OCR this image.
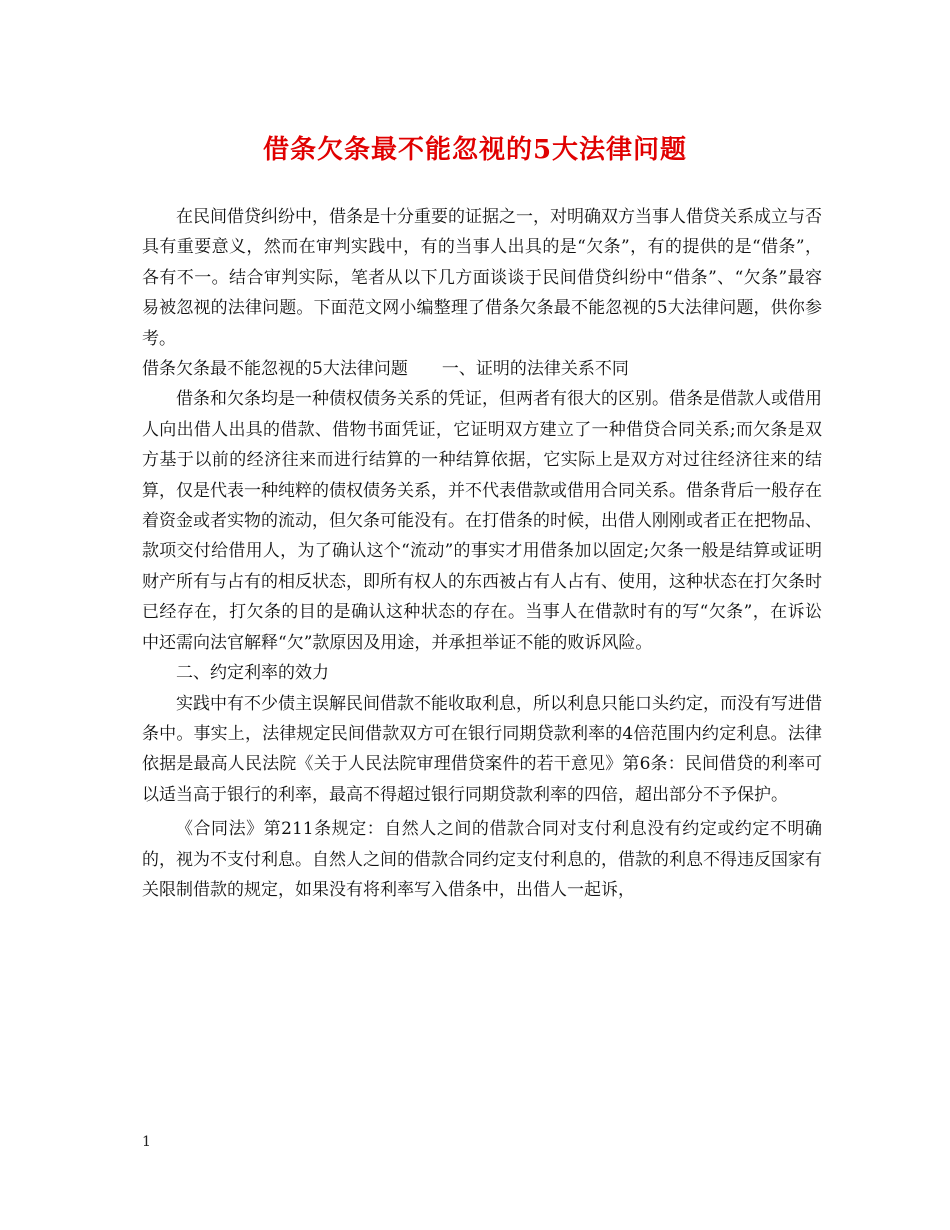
借条欠条最不能忽视的5大法律问题

在民间借贷纠纷中，借条是十分重要的证据之一，对明确双方当事人借贷关系成立与否具有重要意义，然而在审判实践中，有的当事人出具的是“欠条”，有的提供的是“借条”，各有不一。结合审判实际，笔者从以下几方面谈谈于民间借贷纠纷中“借条”、“欠条”最容易被忽视的法律问题。下面范文网小编整理了借条欠条最不能忽视的5大法律问题，供你参考。

借条欠条最不能忽视的5大法律问题 一、证明的法律关系不同

借条和欠条均是一种债权债务关系的凭证，但两者有很大的区别。借条是借款人或借用人向出借人出具的借款、借物书面凭证，它证明双方建立了一种借贷合同关系;而欠条是双方基于以前的经济往来而进行结算的一种结算依据，它实际上是双方对过往经济往来的结算，仅是代表一种纯粹的债权债务关系，并不代表借款或借用合同关系。借条背后一般存在着资金或者实物的流动，但欠条可能没有。在打借条的时候，出借人刚刚或者正在把物品、款项交付给借用人，为了确认这个“流动”的事实才用借条加以固定;欠条一般是结算或证明财产所有与占有的相反状态，即所有权人的东西被占有人占有、使用，这种状态在打欠条时已经存在，打欠条的目的是确认这种状态的存在。当事人在借款时有的写“欠条”，在诉讼中还需向法官解释“欠”款原因及用途，并承担举证不能的败诉风险。

二、约定利率的效力

实践中有不少债主误解民间借款不能收取利息，所以利息只能口头约定，而没有写进借条中。事实上，法律规定民间借款双方可在银行同期贷款利率的4倍范围内约定利息。法律依据是最高人民法院《关于人民法院审理借贷案件的若干意见》第6条：民间借贷的利率可以适当高于银行的利率，最高不得超过银行同期贷款利率的四倍，超出部分不予保护。

《合同法》第211条规定：自然人之间的借款合同对支付利息没有约定或约定不明确的，视为不支付利息。自然人之间的借款合同约定支付利息的，借款的利息不得违反国家有关限制借款的规定，如果没有将利率写入借条中，出借人一起诉，

1
